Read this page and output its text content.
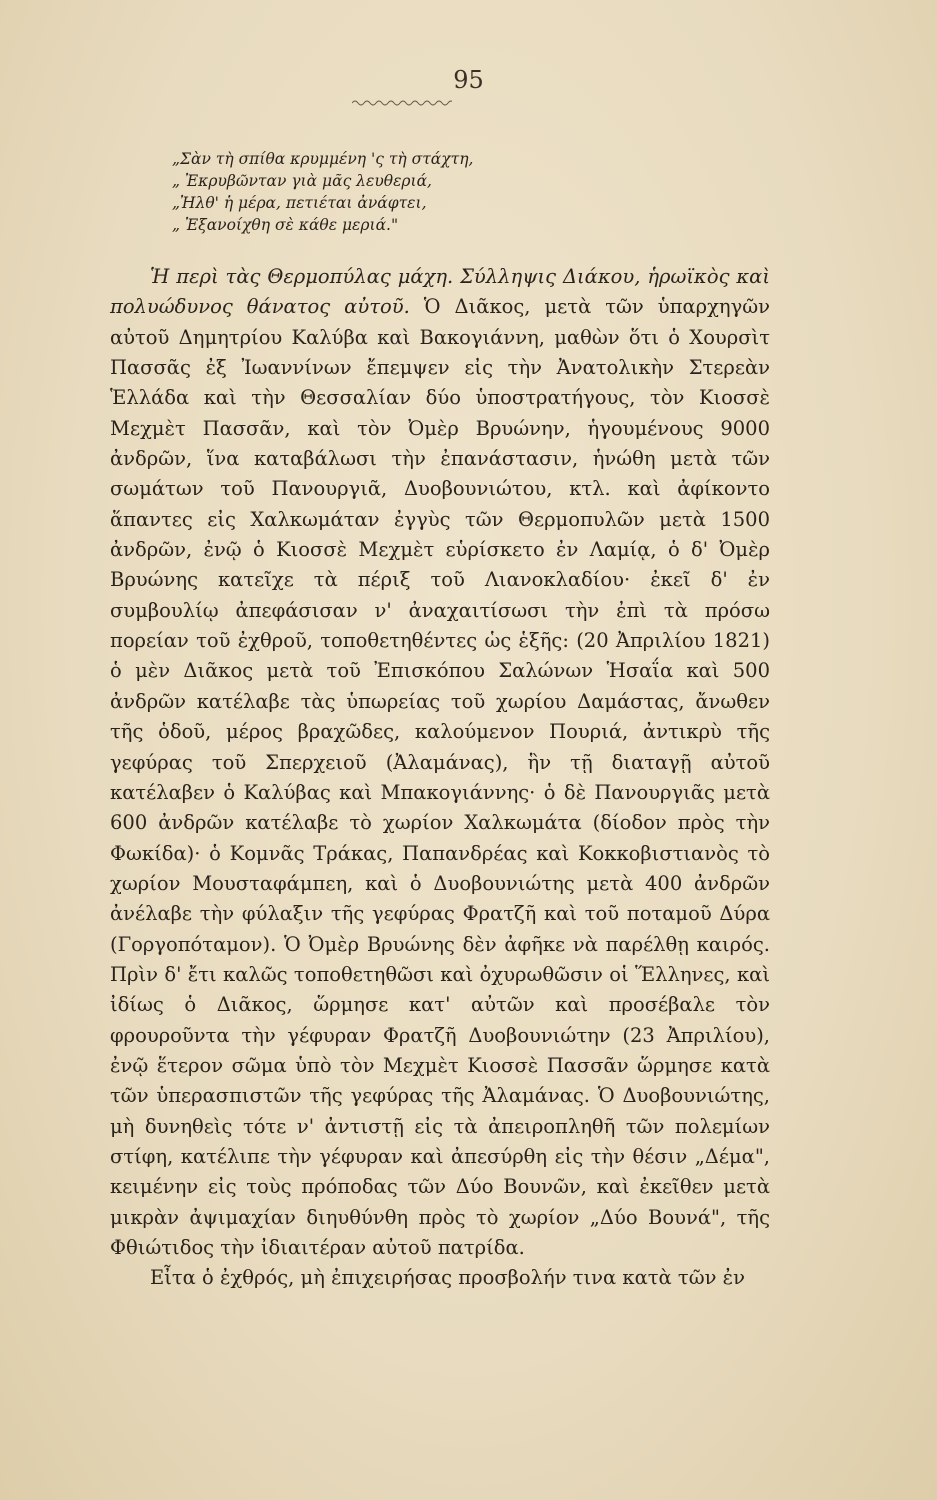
95
„Σὰν τὴ σπίθα κρυμμένη 'ς τὴ στάχτη,
„ Ἐκρυβῶνταν γιὰ μᾶς λευθεριά,
„Ἠλθ' ἡ μέρα, πετιέται ἀνάφτει,
„ Ἐξανοίχθη σὲ κάθε μεριά."

Ἡ περὶ τὰς Θερμοπύλας μάχη. Σύλληψις Διάκου, ἡρωϊκὸς καὶ πολυώδυνος θάνατος αὐτοῦ. Ὁ Διᾶκος, μετὰ τῶν ὑπαρχηγῶν αὐτοῦ Δημητρίου Καλύβα καὶ Βακογιάννη, μαθὼν ὅτι ὁ Χουρσὶτ Πασσᾶς ἐξ Ἰωαννίνων ἔπεμψεν εἰς τὴν Ἀνατολικὴν Στερεὰν Ἑλλάδα καὶ τὴν Θεσσαλίαν δύο ὑποστρατήγους, τὸν Κιοσσὲ Μεχμὲτ Πασσᾶν, καὶ τὸν Ὀμὲρ Βρυώνην, ἡγουμένους 9000 ἀνδρῶν, ἵνα καταβάλωσι τὴν ἐπανάστασιν, ἡνώθη μετὰ τῶν σωμάτων τοῦ Πανουργιᾶ, Δυοβουνιώτου, κτλ. καὶ ἀφίκοντο ἅπαντες εἰς Χαλκωμάταν ἐγγὺς τῶν Θερμοπυλῶν μετὰ 1500 ἀνδρῶν, ἐνῷ ὁ Κιοσσὲ Μεχμὲτ εὑρίσκετο ἐν Λαμίᾳ, ὁ δ' Ὀμὲρ Βρυώνης κατεῖχε τὰ πέριξ τοῦ Λιανοκλαδίου· ἐκεῖ δ' ἐν συμβουλίῳ ἀπεφάσισαν ν' ἀναχαιτίσωσι τὴν ἐπὶ τὰ πρόσω πορείαν τοῦ ἐχθροῦ, τοποθετηθέντες ὡς ἑξῆς: (20 Ἀπριλίου 1821) ὁ μὲν Διᾶκος μετὰ τοῦ Ἐπισκόπου Σαλώνων Ἡσαΐα καὶ 500 ἀνδρῶν κατέλαβε τὰς ὑπωρείας τοῦ χωρίου Δαμάστας, ἄνωθεν τῆς ὁδοῦ, μέρος βραχῶδες, καλούμενον Πουριά, ἀντικρὺ τῆς γεφύρας τοῦ Σπερχειοῦ (Ἀλαμάνας), ἣν τῇ διαταγῇ αὐτοῦ κατέλαβεν ὁ Καλύβας καὶ Μπακογιάννης· ὁ δὲ Πανουργιᾶς μετὰ 600 ἀνδρῶν κατέλαβε τὸ χωρίον Χαλκωμάτα (δίοδον πρὸς τὴν Φωκίδα)· ὁ Κομνᾶς Τράκας, Παπανδρέας καὶ Κοκκοβιστιανὸς τὸ χωρίον Μουσταφάμπεη, καὶ ὁ Δυοβουνιώτης μετὰ 400 ἀνδρῶν ἀνέλαβε τὴν φύλαξιν τῆς γεφύρας Φρατζῆ καὶ τοῦ ποταμοῦ Δύρα (Γοργοπόταμον). Ὁ Ὀμὲρ Βρυώνης δὲν ἀφῆκε νὰ παρέλθῃ καιρός. Πρὶν δ' ἔτι καλῶς τοποθετηθῶσι καὶ ὀχυρωθῶσιν οἱ Ἕλληνες, καὶ ἰδίως ὁ Διᾶκος, ὥρμησε κατ' αὐτῶν καὶ προσέβαλε τὸν φρουροῦντα τὴν γέφυραν Φρατζῆ Δυοβουνιώτην (23 Ἀπριλίου), ἐνῷ ἕτερον σῶμα ὑπὸ τὸν Μεχμὲτ Κιοσσὲ Πασσᾶν ὥρμησε κατὰ τῶν ὑπερασπιστῶν τῆς γεφύρας τῆς Ἀλαμάνας. Ὁ Δυοβουνιώτης, μὴ δυνηθεὶς τότε ν' ἀντιστῇ εἰς τὰ ἀπειροπληθῆ τῶν πολεμίων στίφη, κατέλιπε τὴν γέφυραν καὶ ἀπεσύρθη εἰς τὴν θέσιν „Δέμα", κειμένην εἰς τοὺς πρόποδας τῶν Δύο Βουνῶν, καὶ ἐκεῖθεν μετὰ μικρὰν ἀψιμαχίαν διηυθύνθη πρὸς τὸ χωρίον „Δύο Βουνά", τῆς Φθιώτιδος τὴν ἰδιαιτέραν αὐτοῦ πατρίδα.

Εἶτα ὁ ἐχθρός, μὴ ἐπιχειρήσας προσβολήν τινα κατὰ τῶν ἐν
